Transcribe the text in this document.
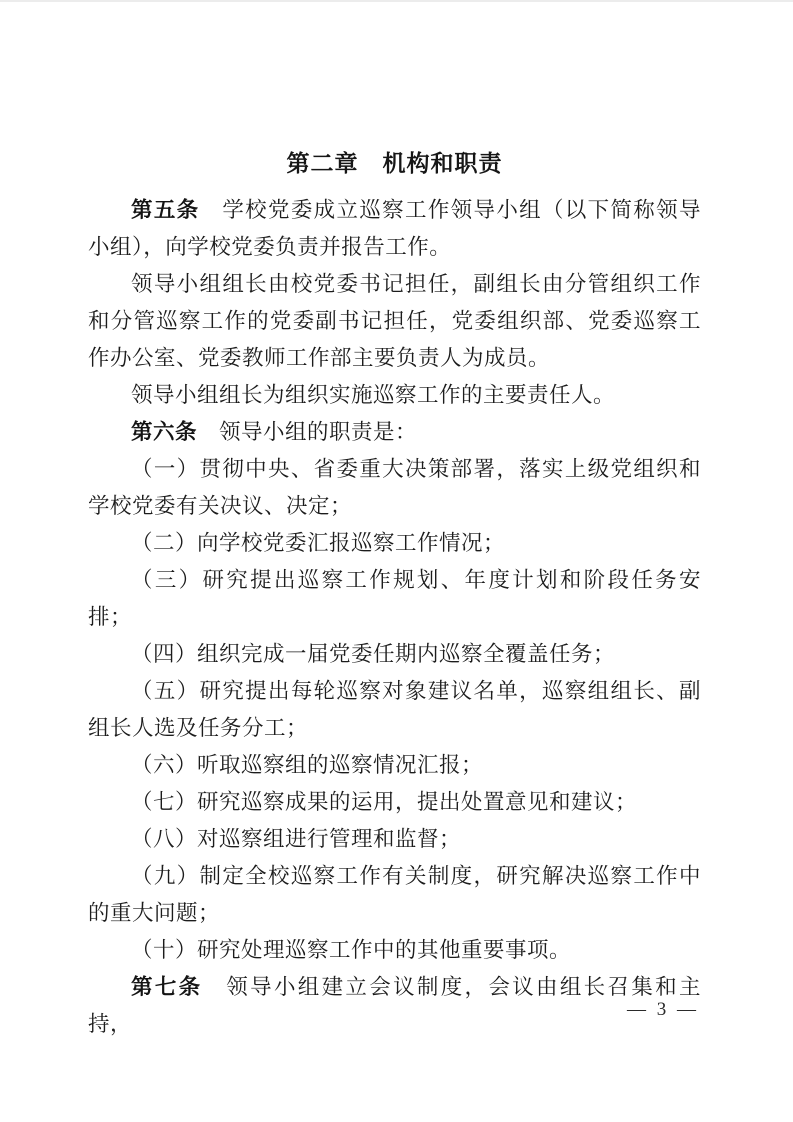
第二章　机构和职责

第五条　学校党委成立巡察工作领导小组（以下简称领导小组），向学校党委负责并报告工作。

领导小组组长由校党委书记担任，副组长由分管组织工作和分管巡察工作的党委副书记担任，党委组织部、党委巡察工作办公室、党委教师工作部主要负责人为成员。

领导小组组长为组织实施巡察工作的主要责任人。

第六条　领导小组的职责是：

（一）贯彻中央、省委重大决策部署，落实上级党组织和学校党委有关决议、决定；

（二）向学校党委汇报巡察工作情况；

（三）研究提出巡察工作规划、年度计划和阶段任务安排；

（四）组织完成一届党委任期内巡察全覆盖任务；

（五）研究提出每轮巡察对象建议名单，巡察组组长、副组长人选及任务分工；

（六）听取巡察组的巡察情况汇报；

（七）研究巡察成果的运用，提出处置意见和建议；

（八）对巡察组进行管理和监督；

（九）制定全校巡察工作有关制度，研究解决巡察工作中的重大问题；

（十）研究处理巡察工作中的其他重要事项。

第七条　领导小组建立会议制度，会议由组长召集和主持，

— 3 —
